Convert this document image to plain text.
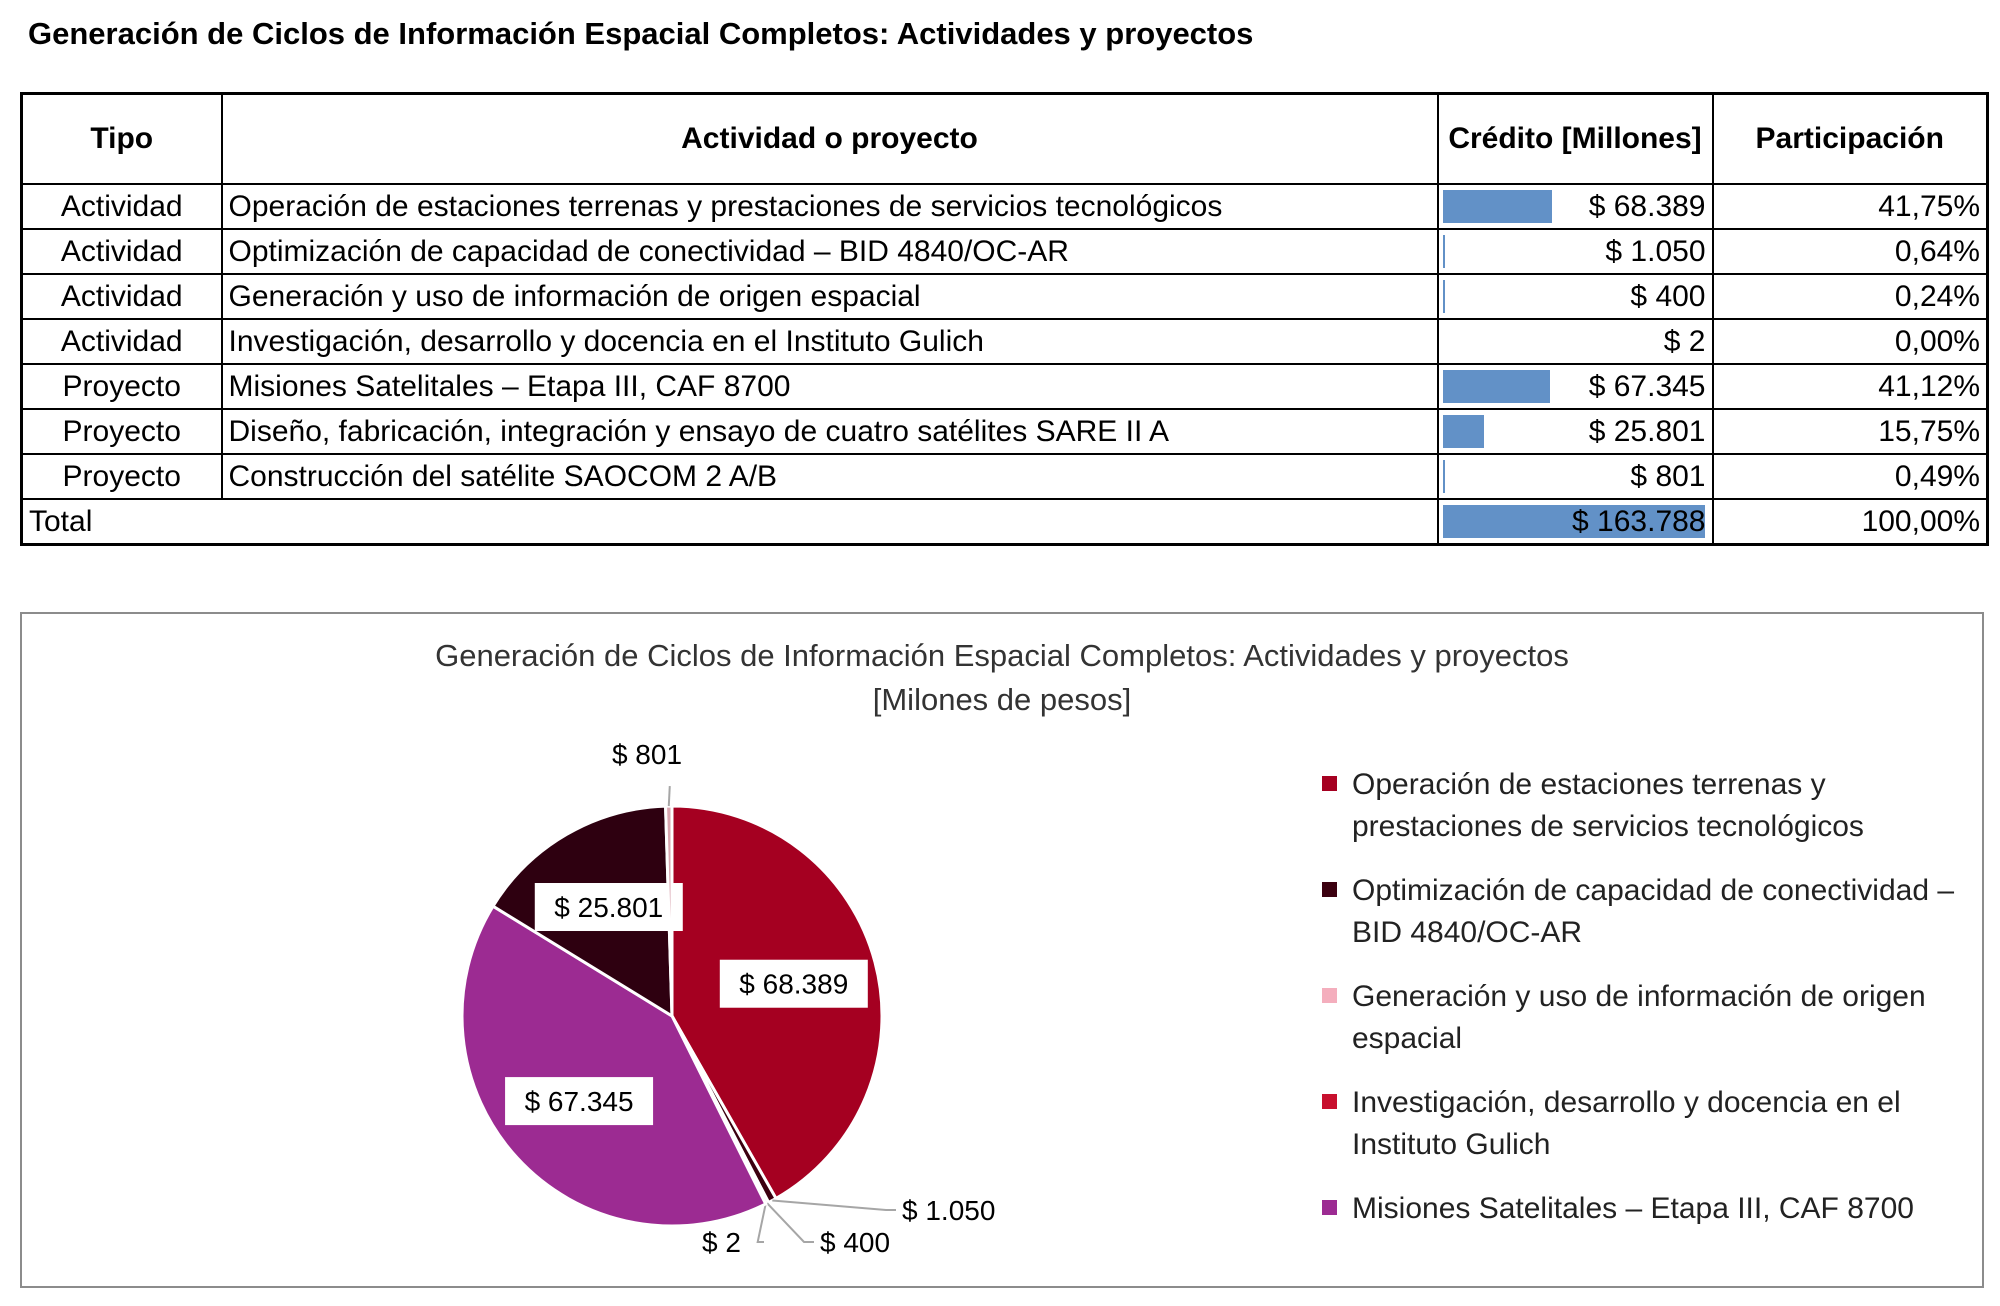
Generación de Ciclos de Información Espacial Completos: Actividades y proyectos
Tipo	Actividad o proyecto	Crédito [Millones]	Participación
Actividad	Operación de estaciones terrenas y prestaciones de servicios tecnológicos	$ 68.389	41,75%
Actividad	Optimización de capacidad de conectividad – BID 4840/OC-AR	$ 1.050	0,64%
Actividad	Generación y uso de información de origen espacial	$ 400	0,24%
Actividad	Investigación, desarrollo y docencia en el Instituto Gulich	$ 2	0,00%
Proyecto	Misiones Satelitales – Etapa III, CAF 8700	$ 67.345	41,12%
Proyecto	Diseño, fabricación, integración y ensayo de cuatro satélites SARE II A	$ 25.801	15,75%
Proyecto	Construcción del satélite SAOCOM 2 A/B	$ 801	0,49%
Total		$ 163.788	100,00%
Generación de Ciclos de Información Espacial Completos: Actividades y proyectos
[Milones de pesos]
$ 68.389
$ 1.050
$ 400
$ 2
$ 67.345
$ 25.801
$ 801
Operación de estaciones terrenas y prestaciones de servicios tecnológicos
Optimización de capacidad de conectividad – BID 4840/OC-AR
Generación y uso de información de origen espacial
Investigación, desarrollo y docencia en el Instituto Gulich
Misiones Satelitales – Etapa III, CAF 8700
